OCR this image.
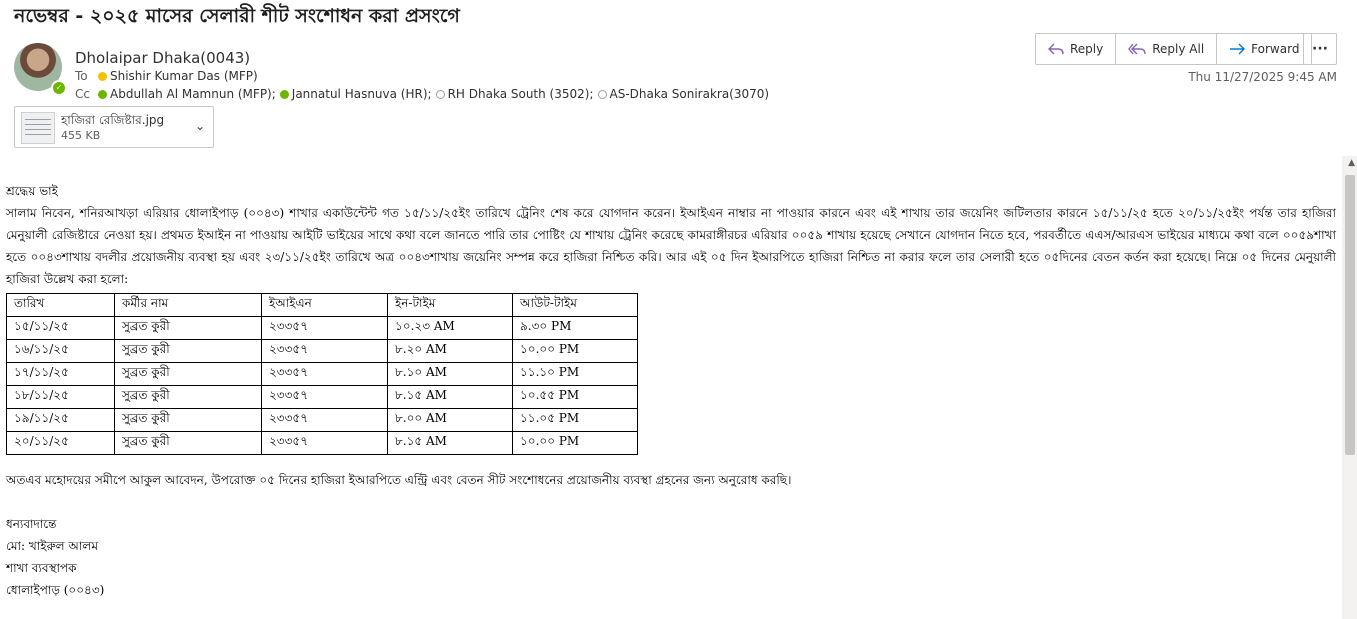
নভেম্বর - ২০২৫ মাসের সেলারী শীট সংশোধন করা প্রসংগে
✓
Dholaipar Dhaka(0043)
To	Shishir Kumar Das (MFP)
Cc	Abdullah Al Mamnun (MFP);	Jannatul Hasnuva (HR);	RH Dhaka South (3502);	AS-Dhaka Sonirakra(3070)
Reply	Reply All	Forward ···
Thu 11/27/2025 9:45 AM
হাজিরা রেজিষ্টার.jpg
455 KB
⌄

শ্রদ্ধেয় ভাই

সালাম নিবেন, শনিরআখড়া এরিয়ার ধোলাইপাড় (০০৪৩) শাখার একাউন্টেন্ট গত ১৫/১১/২৫ইং তারিখে ট্রেনিং শেষ করে যোগদান করেন। ইআইএন নাম্বার না পাওয়ার কারনে এবং এই শাখায় তার জয়েনিং জটিলতার কারনে ১৫/১১/২৫ হতে ২০/১১/২৫ইং পর্যন্ত তার হাজিরা মেনুয়ালী রেজিষ্টারে নেওয়া হয়। প্রথমত ইআইন না পাওয়ায় আইটি ভাইয়ের সাথে কথা বলে জানতে পারি তার পোষ্টিং যে শাখায় ট্রেনিং করেছে কামরাঙ্গীরচর এরিয়ার ০০৫৯ শাখায় হয়েছে সেখানে যোগদান নিতে হবে, পরবর্তীতে এএস/আরএস ভাইয়ের মাধ্যমে কথা বলে ০০৫৯শাখা হতে ০০৪৩শাখায় বদলীর প্রয়োজনীয় ব্যবস্থা হয় এবং ২৩/১১/২৫ইং তারিখে অত্র ০০৪৩শাখায় জয়েনিং সম্পন্ন করে হাজিরা নিশ্চিত করি। আর এই ০৫ দিন ইআরপিতে হাজিরা নিশ্চিত না করার ফলে তার সেলারী হতে ০৫দিনের বেতন কর্তন করা হয়েছে। নিম্নে ০৫ দিনের মেনুয়ালী হাজিরা উল্লেখ করা হলো:

তারিখ	কর্মীর নাম	ইআইএন	ইন-টাইম	আউট-টাইম
১৫/১১/২৫	সুব্রত কুরী	২৩৩৫৭	১০.২৩ AM	৯.৩০ PM
১৬/১১/২৫	সুব্রত কুরী	২৩৩৫৭	৮.২০ AM	১০.০০ PM
১৭/১১/২৫	সুব্রত কুরী	২৩৩৫৭	৮.১০ AM	১১.১০ PM
১৮/১১/২৫	সুব্রত কুরী	২৩৩৫৭	৮.১৫ AM	১০.৫৫ PM
১৯/১১/২৫	সুব্রত কুরী	২৩৩৫৭	৮.০০ AM	১১.০৫ PM
২০/১১/২৫	সুব্রত কুরী	২৩৩৫৭	৮.১৫ AM	১০.০০ PM

অতএব মহোদয়ের সমীপে আকুল আবেদন, উপরোক্ত ০৫ দিনের হাজিরা ইআরপিতে এন্ট্রি এবং বেতন সীট সংশোধনের প্রয়োজনীয় ব্যবস্থা গ্রহনের জন্য অনুরোধ করছি।

ধন্যবাদান্তে

মো: খাইরুল আলম

শাখা ব্যবস্থাপক

ধোলাইপাড় (০০৪৩)

▲
